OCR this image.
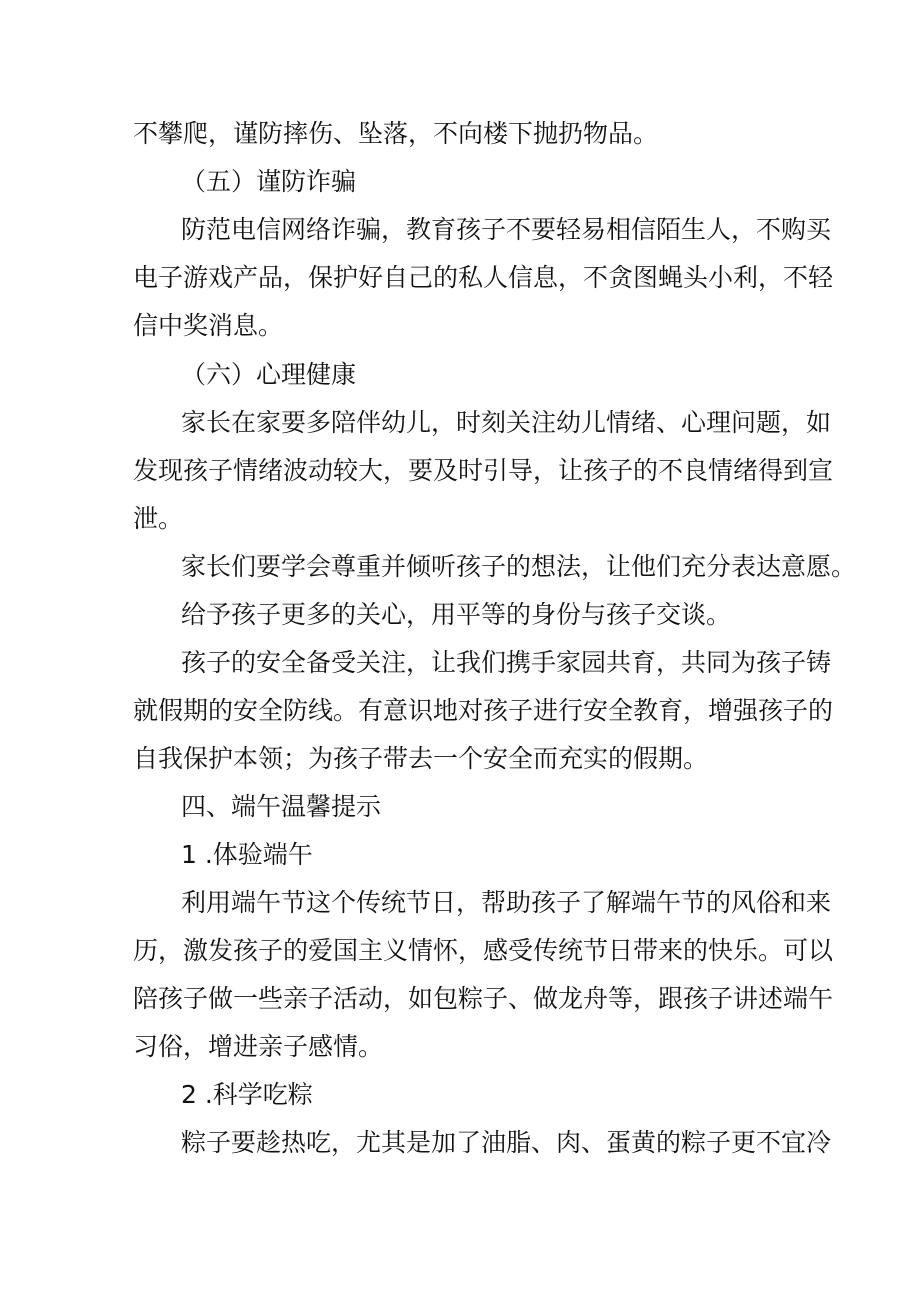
不攀爬，谨防摔伤、坠落，不向楼下抛扔物品。
（五）谨防诈骗
防范电信网络诈骗，教育孩子不要轻易相信陌生人，不购买
电子游戏产品，保护好自己的私人信息，不贪图蝇头小利，不轻
信中奖消息。
（六）心理健康
家长在家要多陪伴幼儿，时刻关注幼儿情绪、心理问题，如
发现孩子情绪波动较大，要及时引导，让孩子的不良情绪得到宣
泄。
家长们要学会尊重并倾听孩子的想法，让他们充分表达意愿。
给予孩子更多的关心，用平等的身份与孩子交谈。
孩子的安全备受关注，让我们携手家园共育，共同为孩子铸
就假期的安全防线。有意识地对孩子进行安全教育，增强孩子的
自我保护本领；为孩子带去一个安全而充实的假期。
四、端午温馨提示
1 .体验端午
利用端午节这个传统节日，帮助孩子了解端午节的风俗和来
历，激发孩子的爱国主义情怀，感受传统节日带来的快乐。可以
陪孩子做一些亲子活动，如包粽子、做龙舟等，跟孩子讲述端午
习俗，增进亲子感情。
2 .科学吃粽
粽子要趁热吃，尤其是加了油脂、肉、蛋黄的粽子更不宜冷
